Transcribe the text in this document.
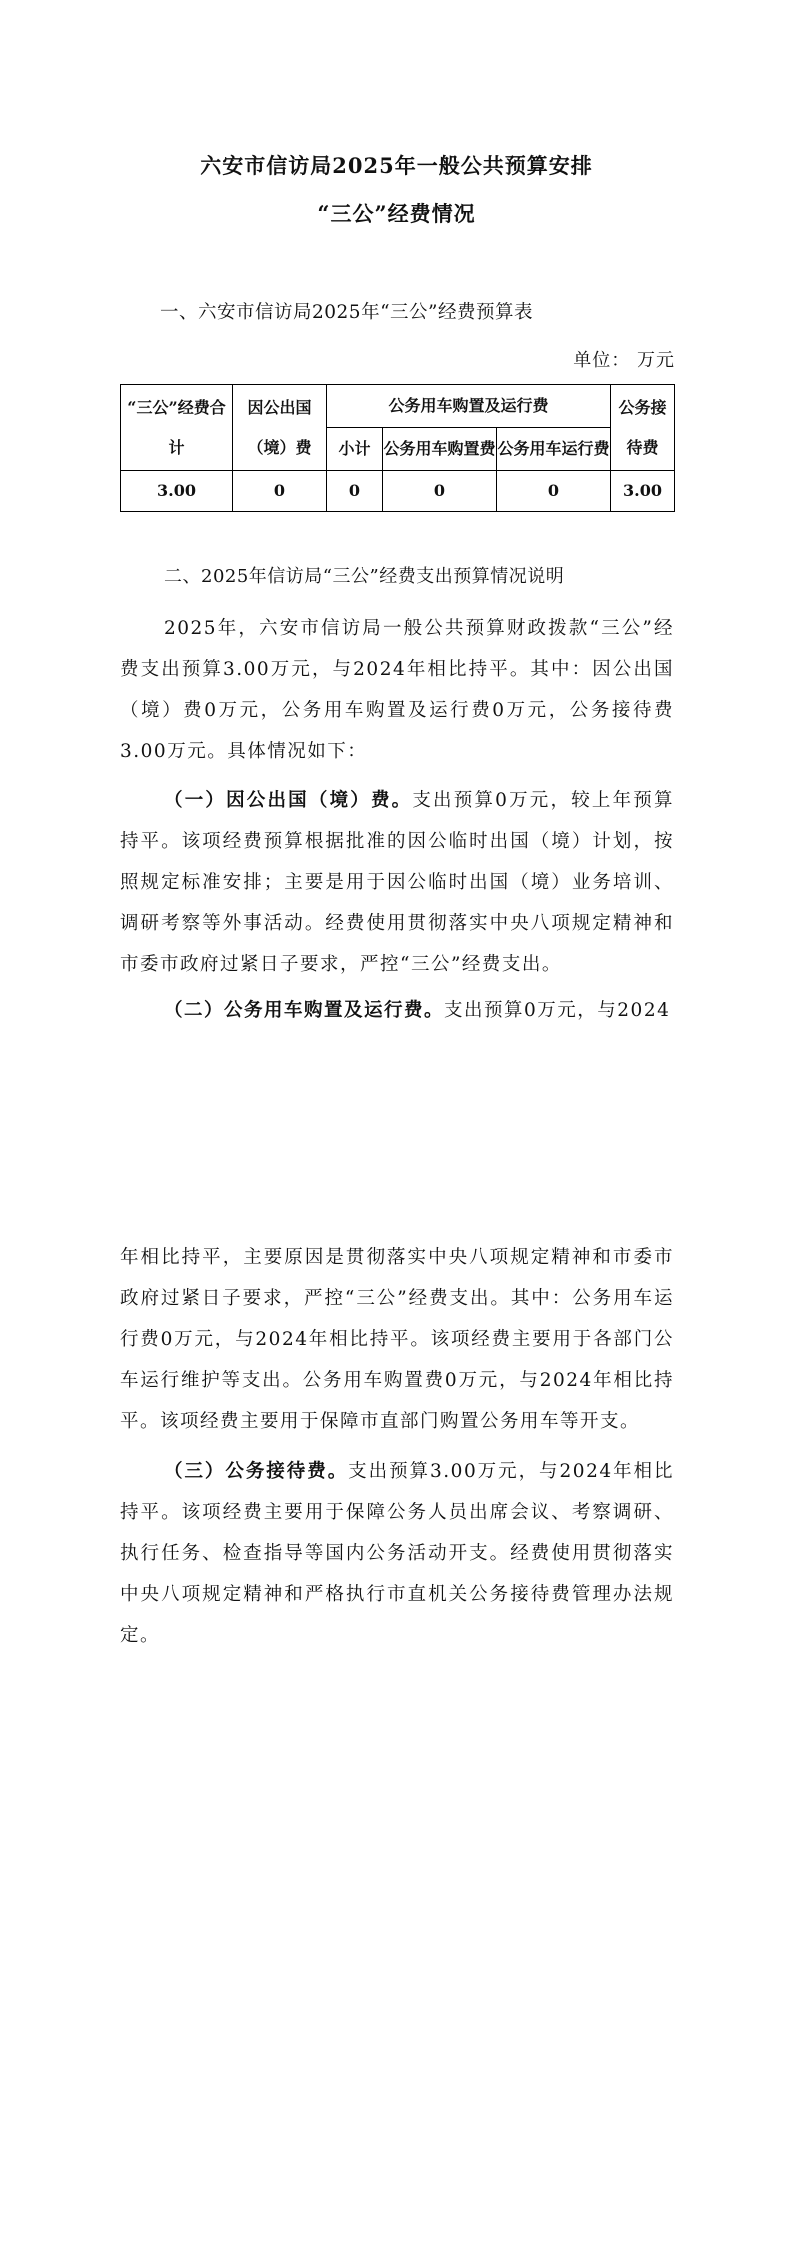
六安市信访局2025年一般公共预算安排
“三公”经费情况
一、六安市信访局2025年“三公”经费预算表
单位： 万元
“三公”经费合计	因公出国（境）费	公务用车购置及运行费			公务接待费
		小计	公务用车购置费	公务用车运行费	
3.00	0	0	0	0	3.00
二、2025年信访局“三公”经费支出预算情况说明
2025年，六安市信访局一般公共预算财政拨款“三公”经费支出预算3.00万元，与2024年相比持平。其中：因公出国（境）费0万元，公务用车购置及运行费0万元，公务接待费3.00万元。具体情况如下：
（一）因公出国（境）费。支出预算0万元，较上年预算持平。该项经费预算根据批准的因公临时出国（境）计划，按照规定标准安排；主要是用于因公临时出国（境）业务培训、调研考察等外事活动。经费使用贯彻落实中央八项规定精神和市委市政府过紧日子要求，严控“三公”经费支出。
（二）公务用车购置及运行费。支出预算0万元，与2024
年相比持平，主要原因是贯彻落实中央八项规定精神和市委市政府过紧日子要求，严控“三公”经费支出。其中：公务用车运行费0万元，与2024年相比持平。该项经费主要用于各部门公车运行维护等支出。公务用车购置费0万元，与2024年相比持平。该项经费主要用于保障市直部门购置公务用车等开支。
（三）公务接待费。支出预算3.00万元，与2024年相比持平。该项经费主要用于保障公务人员出席会议、考察调研、执行任务、检查指导等国内公务活动开支。经费使用贯彻落实中央八项规定精神和严格执行市直机关公务接待费管理办法规定。
